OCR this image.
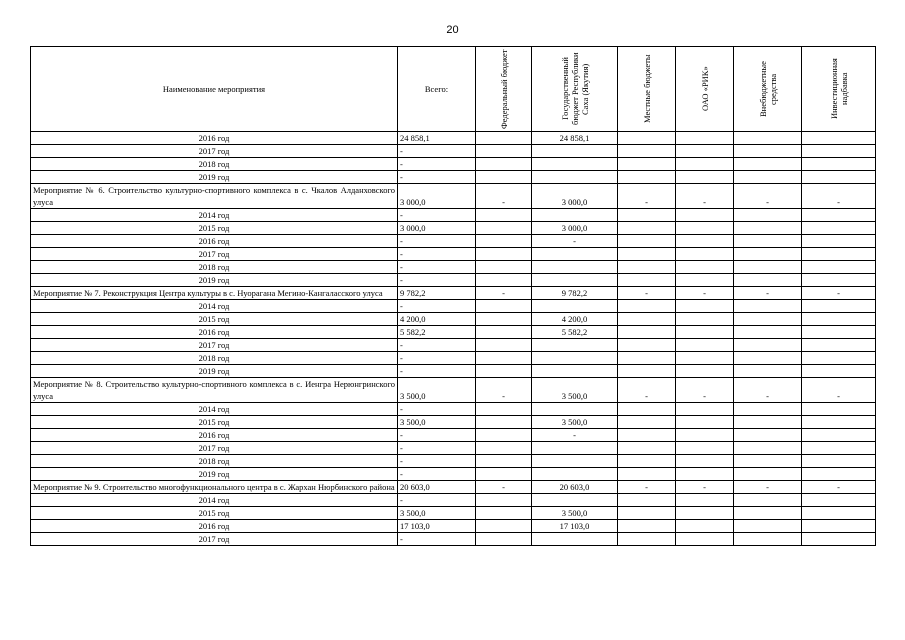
20
Наименование мероприятия	Всего:	Федеральный бюджет	Государственный бюджет Республики Саха (Якутия)	Местные бюджеты	ОАО «РИК»	Внебюджетные средства	Инвестиционная надбавка

2016 год	24 858,1		24 858,1				
2017 год	-						
2018 год	-						
2019 год	-						
Мероприятие № 6. Строительство культурно-спортивного комплекса в с. Чкалов Алданховского улуса	3 000,0	-	3 000,0	-	-	-	-
2014 год	-						
2015 год	3 000,0		3 000,0				
2016 год	-		-				
2017 год	-						
2018 год	-						
2019 год	-						
Мероприятие № 7. Реконструкция Центра культуры в с. Нуорагана Мегино-Кангаласского улуса	9 782,2	-	9 782,2	-	-	-	-
2014 год	-						
2015 год	4 200,0		4 200,0				
2016 год	5 582,2		5 582,2				
2017 год	-						
2018 год	-						
2019 год	-						
Мероприятие № 8. Строительство культурно-спортивного комплекса в с. Иенгра Нерюнгринского улуса	3 500,0	-	3 500,0	-	-	-	-
2014 год	-						
2015 год	3 500,0		3 500,0				
2016 год	-		-				
2017 год	-						
2018 год	-						
2019 год	-						
Мероприятие № 9. Строительство многофункционального центра в с. Жархан Нюрбинского района	20 603,0	-	20 603,0	-	-	-	-
2014 год	-						
2015 год	3 500,0		3 500,0				
2016 год	17 103,0		17 103,0				
2017 год	-						
